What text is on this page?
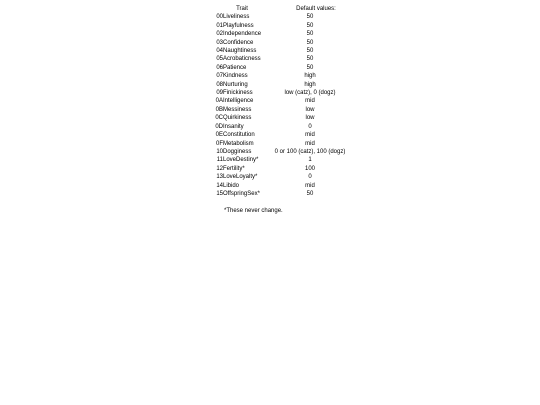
Trait		Default values:
00	Liveliness	50
01	Playfulness	50
02	Independence	50
03	Confidence	50
04	Naughtiness	50
05	Acrobaticness	50
06	Patience	50
07	Kindness	high
08	Nurturing	high
09	Finickiness	low (catz), 0 (dogz)
0A	Intelligence	mid
0B	Messiness	low
0C	Quirkiness	low
0D	Insanity	0
0E	Constitution	mid
0F	Metabolism	mid
10	Dogginess	0 or 100 (catz), 100 (dogz)
11	LoveDestiny*	1
12	Fertility*	100
13	LoveLoyalty*	0
14	Libido	mid
15	OffspringSex*	50
*These never change.
